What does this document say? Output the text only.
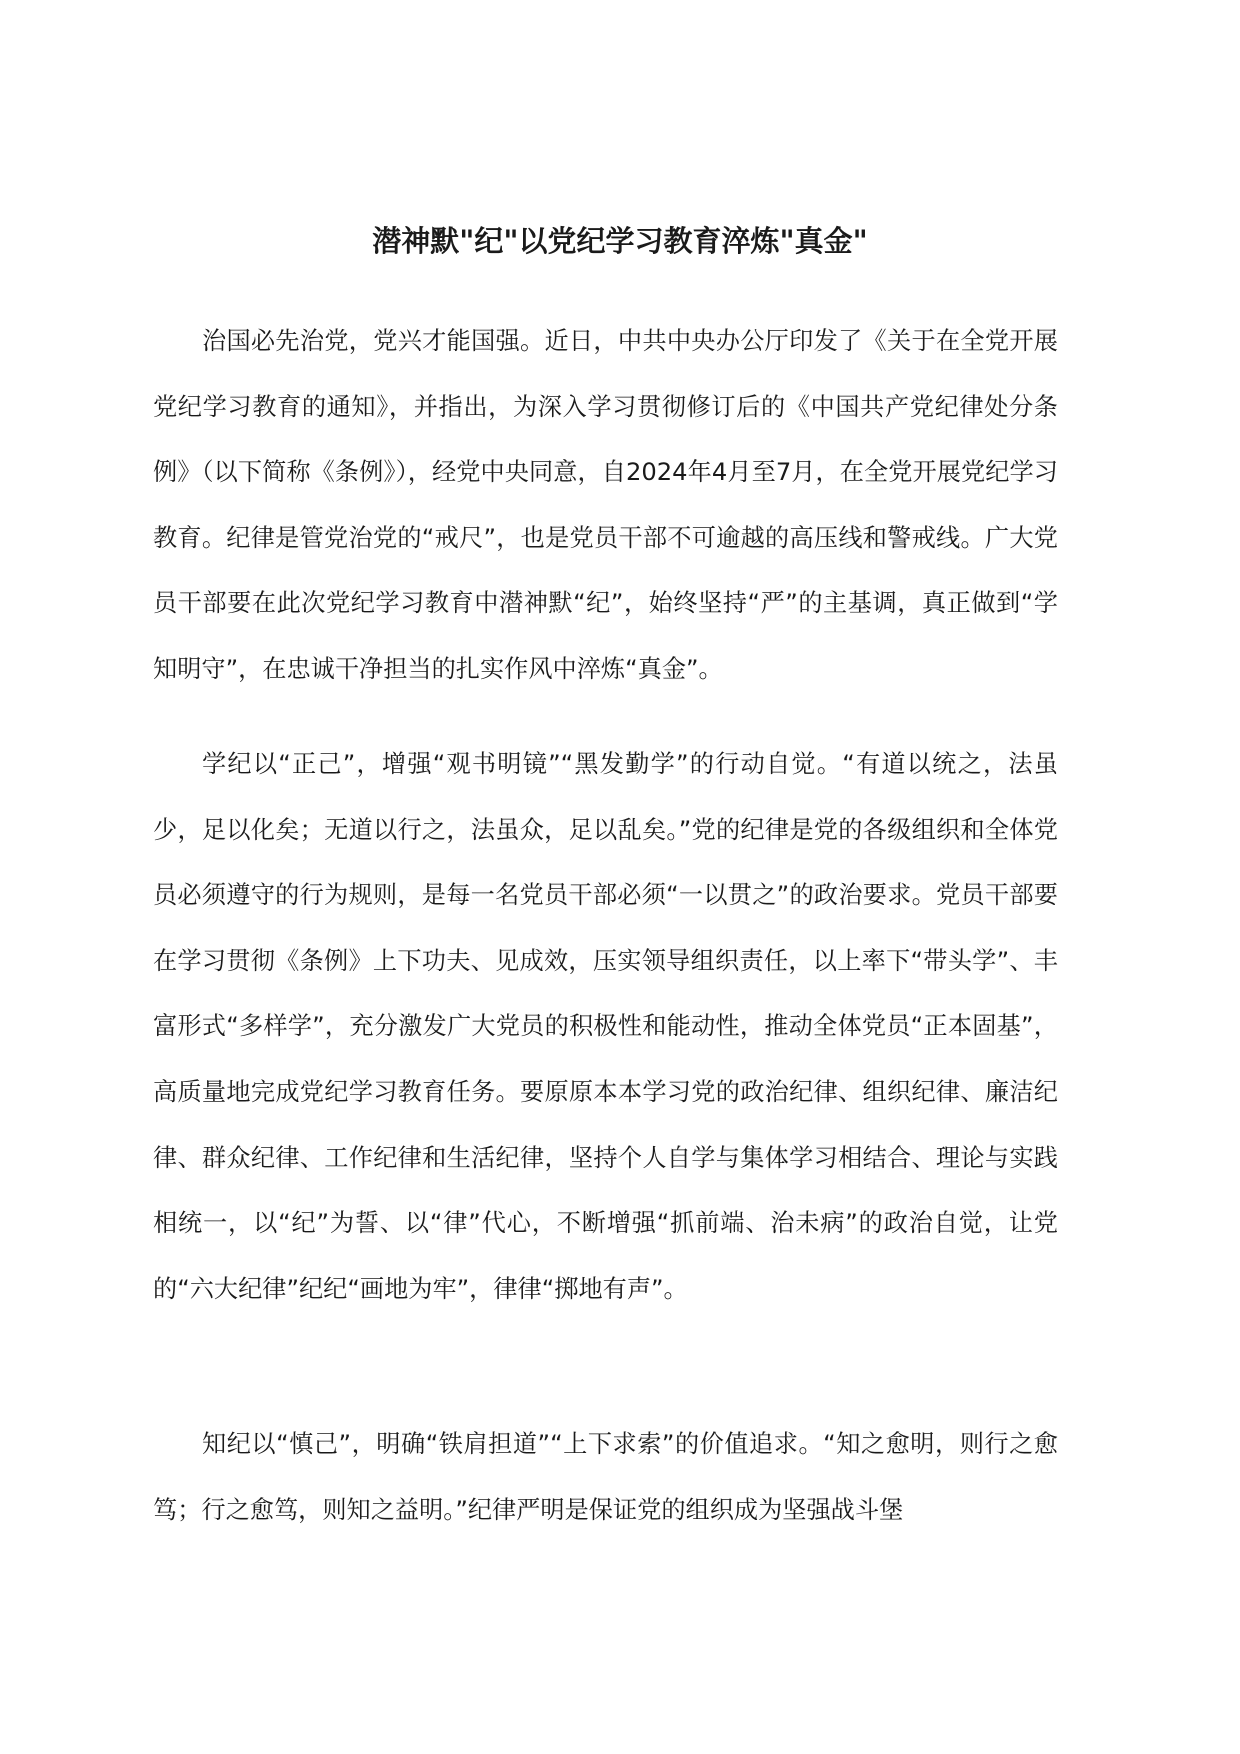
潜神默"纪"以党纪学习教育淬炼"真金"

治国必先治党，党兴才能国强。近日，中共中央办公厅印发了《关于在全党开展党纪学习教育的通知》，并指出，为深入学习贯彻修订后的《中国共产党纪律处分条例》（以下简称《条例》），经党中央同意，自2024年4月至7月，在全党开展党纪学习教育。纪律是管党治党的“戒尺”，也是党员干部不可逾越的高压线和警戒线。广大党员干部要在此次党纪学习教育中潜神默“纪”，始终坚持“严”的主基调，真正做到“学知明守”，在忠诚干净担当的扎实作风中淬炼“真金”。

学纪以“正己”，增强“观书明镜”“黑发勤学”的行动自觉。“有道以统之，法虽少，足以化矣；无道以行之，法虽众，足以乱矣。”党的纪律是党的各级组织和全体党员必须遵守的行为规则，是每一名党员干部必须“一以贯之”的政治要求。党员干部要在学习贯彻《条例》上下功夫、见成效，压实领导组织责任，以上率下“带头学”、丰富形式“多样学”，充分激发广大党员的积极性和能动性，推动全体党员“正本固基”，高质量地完成党纪学习教育任务。要原原本本学习党的政治纪律、组织纪律、廉洁纪律、群众纪律、工作纪律和生活纪律，坚持个人自学与集体学习相结合、理论与实践相统一，以“纪”为誓、以“律”代心，不断增强“抓前端、治未病”的政治自觉，让党的“六大纪律”纪纪“画地为牢”，律律“掷地有声”。

知纪以“慎己”，明确“铁肩担道”“上下求索”的价值追求。“知之愈明，则行之愈笃；行之愈笃，则知之益明。”纪律严明是保证党的组织成为坚强战斗堡
